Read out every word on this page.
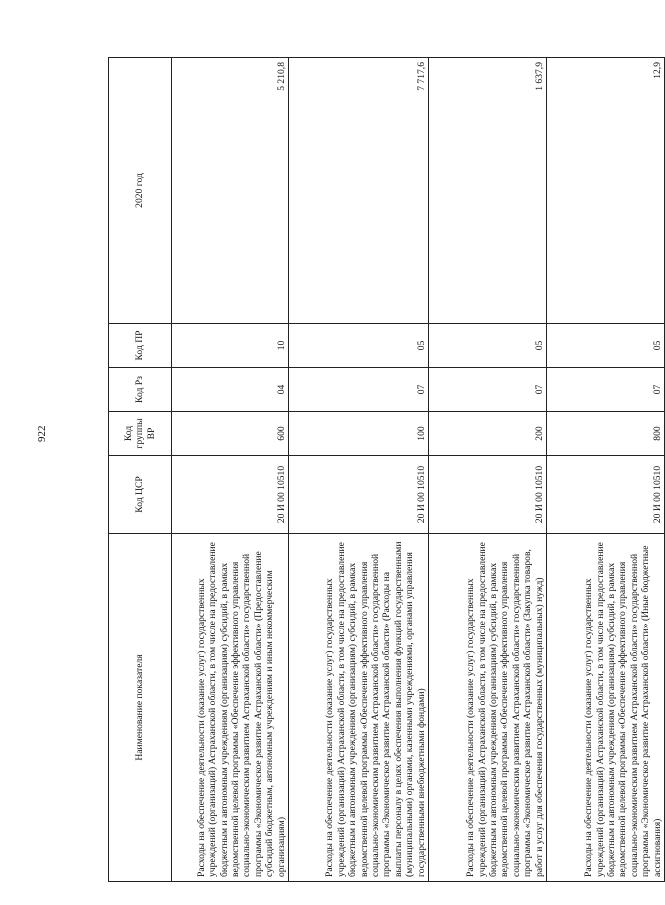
922
Наименование показателя	Код ЦСР	Код группы ВР	Код Рз	Код ПР	2020 год
Расходы на обеспечение деятельности (оказание услуг) государственных учреждений (организаций) Астраханской области, в том числе на предоставление бюджетным и автономным учреждениям (организациям) субсидий, в рамках ведомственной целевой программы «Обеспечение эффективного управления социально-экономическим развитием Астраханской области» государственной программы «Экономическое развитие Астраханской области» (Предоставление субсидий бюджетным, автономным учреждениям и иным некоммерческим организациям)	20 И 00 10510	600	04	10	5 210,8
Расходы на обеспечение деятельности (оказание услуг) государственных учреждений (организаций) Астраханской области, в том числе на предоставление бюджетным и автономным учреждениям (организациям) субсидий, в рамках ведомственной целевой программы «Обеспечение эффективного управления социально-экономическим развитием Астраханской области» государственной программы «Экономическое развитие Астраханской области» (Расходы на выплаты персоналу в целях обеспечения выполнения функций государственными (муниципальными) органами, казенными учреждениями, органами управления государственными внебюджетными фондами)	20 И 00 10510	100	07	05	7 717,6
Расходы на обеспечение деятельности (оказание услуг) государственных учреждений (организаций) Астраханской области, в том числе на предоставление бюджетным и автономным учреждениям (организациям) субсидий, в рамках ведомственной целевой программы «Обеспечение эффективного управления социально-экономическим развитием Астраханской области» государственной программы «Экономическое развитие Астраханской области» (Закупка товаров, работ и услуг для обеспечения государственных (муниципальных) нужд)	20 И 00 10510	200	07	05	1 637,9
Расходы на обеспечение деятельности (оказание услуг) государственных учреждений (организаций) Астраханской области, в том числе на предоставление бюджетным и автономным учреждениям (организациям) субсидий, в рамках ведомственной целевой программы «Обеспечение эффективного управления социально-экономическим развитием Астраханской области» государственной программы «Экономическое развитие Астраханской области» (Иные бюджетные ассигнования)	20 И 00 10510	800	07	05	12,9
